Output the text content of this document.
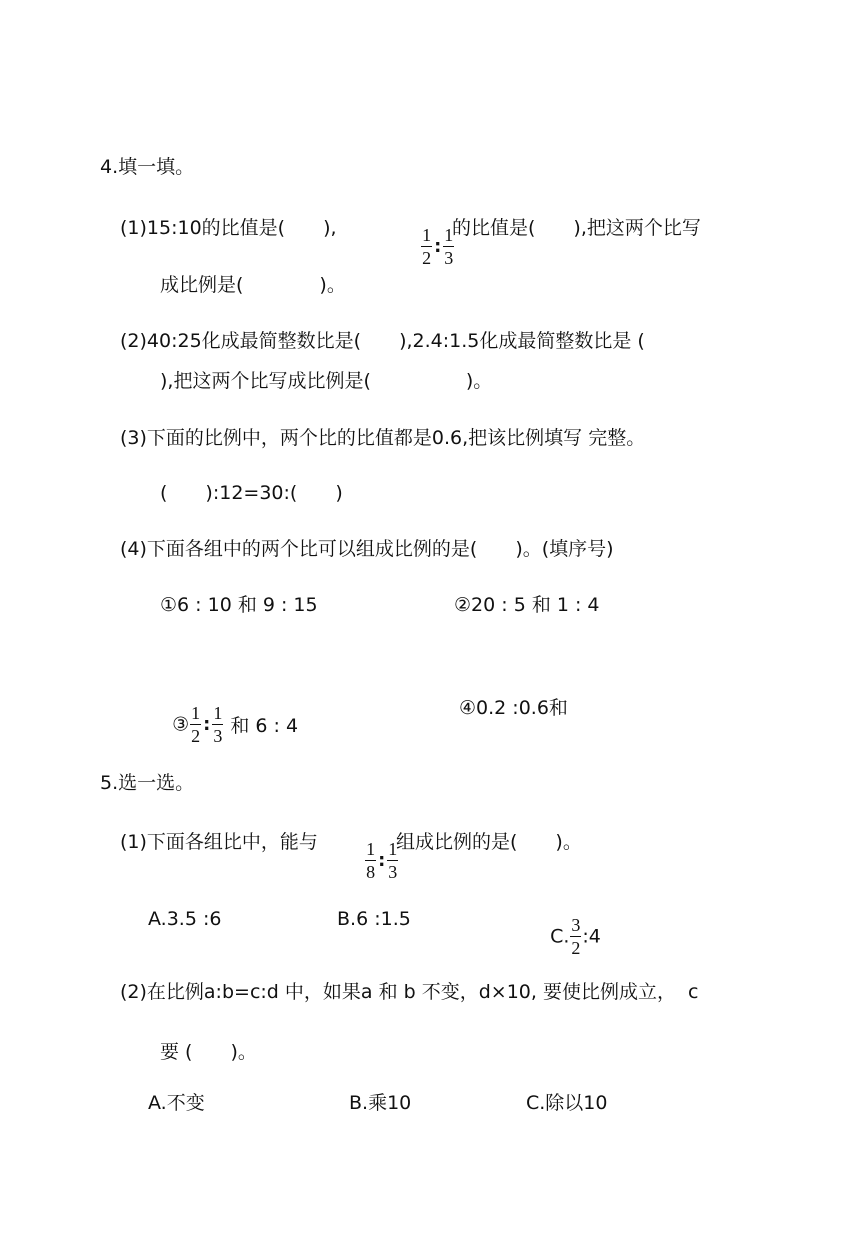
4.填一填。
(1)15:10的比值是(　　),

	$\frac{1}{2}$ : $\frac{1}{3}$

的比值是(　　),把这两个比写
成比例是(　　　　)。
(2)40:25化成最简整数比是(　　),2.4:1.5化成最简整数比是 (
),把这两个比写成比例是(　　　　　)。
(3)下面的比例中，两个比的比值都是0.6,把该比例填写 完整。
(　　):12=30:(　　)
(4)下面各组中的两个比可以组成比例的是(　　)。(填序号)
①6 : 10 和 9 : 15	②20 : 5 和 1 : 4

③ $\frac{1}{2}$ : $\frac{1}{3}$ 和 6 : 4

④0.2 :0.6和
5.选一选。
(1)下面各组比中，能与

	$\frac{1}{8}$ : $\frac{1}{3}$

组成比例的是(　　)。
A.3.5 :6	B.6 :1.5

C. $\frac{3}{2}$ :4

(2)在比例a:b=c:d 中，如果a 和 b 不变，d×10, 要使比例成立，  c
要 (　　)。
A.不变	B.乘10	C.除以10
